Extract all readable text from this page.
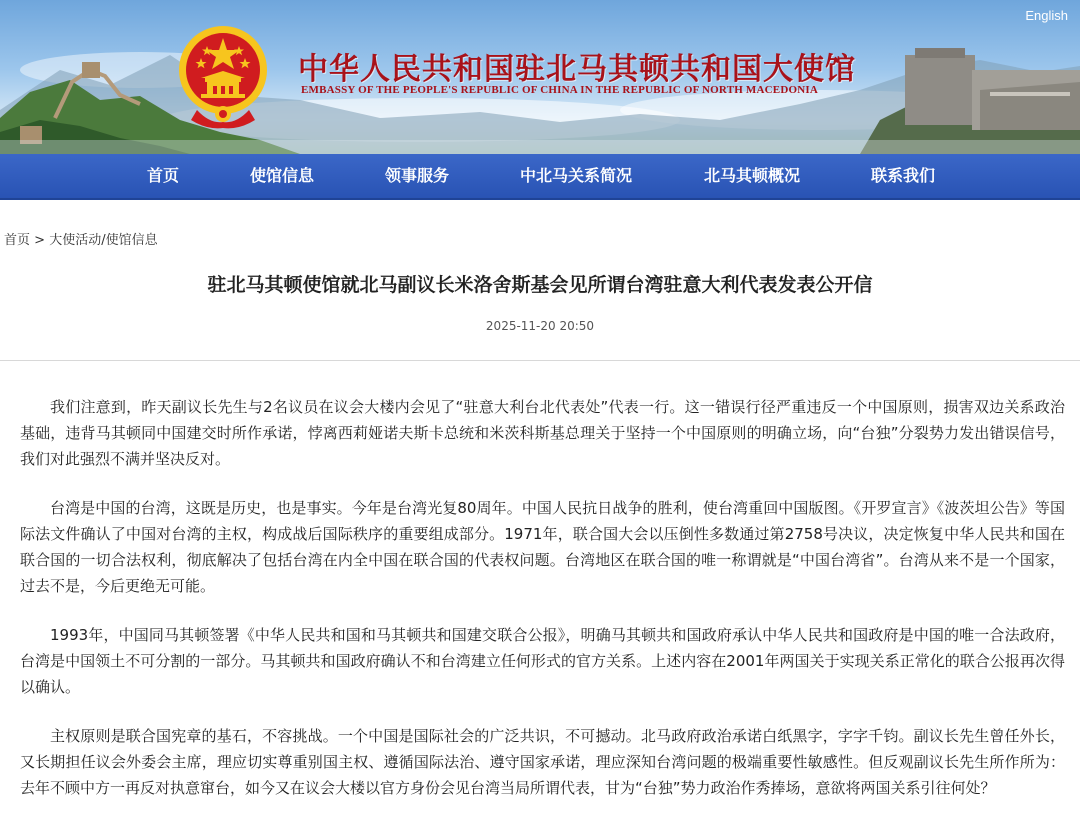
English
中华人民共和国驻北马其顿共和国大使馆
EMBASSY OF THE PEOPLE'S REPUBLIC OF CHINA IN THE REPUBLIC OF NORTH MACEDONIA
首页	使馆信息	领事服务	中北马关系简况	北马其顿概况	联系我们
首页 > 大使活动/使馆信息
驻北马其顿使馆就北马副议长米洛舍斯基会见所谓台湾驻意大利代表发表公开信
2025-11-20 20:50

我们注意到，昨天副议长先生与2名议员在议会大楼内会见了“驻意大利台北代表处”代表一行。这一错误行径严重违反一个中国原则，损害双边关系政治基础，违背马其顿同中国建交时所作承诺，悖离西莉娅诺夫斯卡总统和米茨科斯基总理关于坚持一个中国原则的明确立场，向“台独”分裂势力发出错误信号，我们对此强烈不满并坚决反对。

台湾是中国的台湾，这既是历史，也是事实。今年是台湾光复80周年。中国人民抗日战争的胜利，使台湾重回中国版图。《开罗宣言》《波茨坦公告》等国际法文件确认了中国对台湾的主权，构成战后国际秩序的重要组成部分。1971年，联合国大会以压倒性多数通过第2758号决议，决定恢复中华人民共和国在联合国的一切合法权利，彻底解决了包括台湾在内全中国在联合国的代表权问题。台湾地区在联合国的唯一称谓就是“中国台湾省”。台湾从来不是一个国家，过去不是，今后更绝无可能。

1993年，中国同马其顿签署《中华人民共和国和马其顿共和国建交联合公报》，明确马其顿共和国政府承认中华人民共和国政府是中国的唯一合法政府，台湾是中国领土不可分割的一部分。马其顿共和国政府确认不和台湾建立任何形式的官方关系。上述内容在2001年两国关于实现关系正常化的联合公报再次得以确认。

主权原则是联合国宪章的基石，不容挑战。一个中国是国际社会的广泛共识，不可撼动。北马政府政治承诺白纸黑字，字字千钧。副议长先生曾任外长，又长期担任议会外委会主席，理应切实尊重别国主权、遵循国际法治、遵守国家承诺，理应深知台湾问题的极端重要性敏感性。但反观副议长先生所作所为：去年不顾中方一再反对执意窜台，如今又在议会大楼以官方身份会见台湾当局所谓代表，甘为“台独”势力政治作秀捧场，意欲将两国关系引往何处？
